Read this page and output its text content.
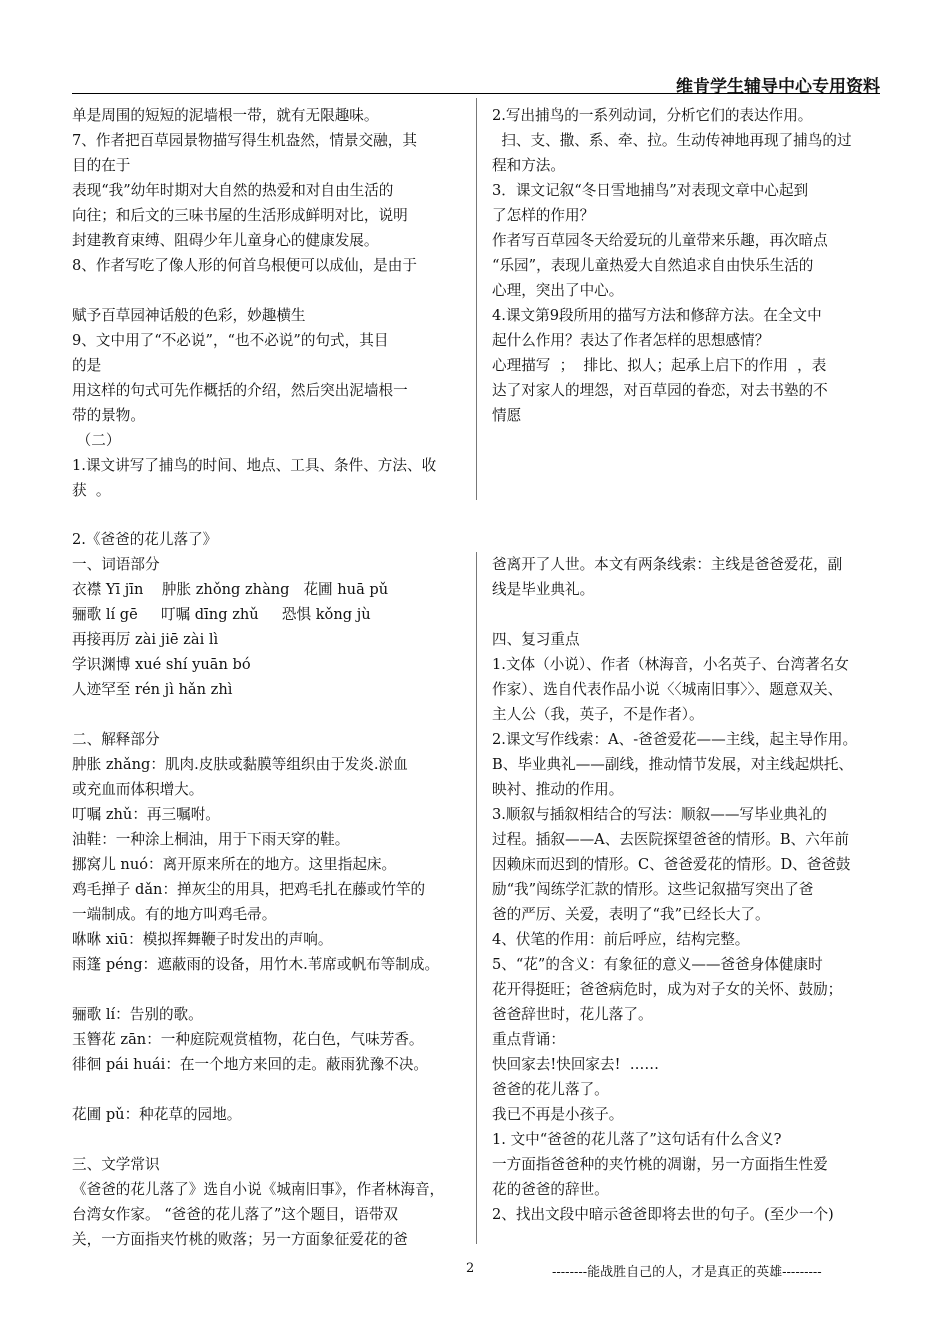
维肯学生辅导中心专用资料

单是周围的短短的泥墙根一带，就有无限趣味。

7、作者把百草园景物描写得生机盎然，情景交融，其

目的在于

表现“我”幼年时期对大自然的热爱和对自由生活的

向往；和后文的三味书屋的生活形成鲜明对比，说明

封建教育束缚、阻碍少年儿童身心的健康发展。

8、作者写吃了像人形的何首乌根便可以成仙，是由于

赋予百草园神话般的色彩，妙趣横生

9、文中用了“不必说”，“也不必说”的句式，其目

的是

用这样的句式可先作概括的介绍，然后突出泥墙根一

带的景物。

（二）

1.课文讲写了捕鸟的时间、地点、工具、条件、方法、收

获  。

2.写出捕鸟的一系列动词，分析它们的表达作用。

扫、支、撒、系、牵、拉。生动传神地再现了捕鸟的过

程和方法。

3．课文记叙“冬日雪地捕鸟”对表现文章中心起到

了怎样的作用？

作者写百草园冬天给爱玩的儿童带来乐趣，再次暗点

“乐园”，表现儿童热爱大自然追求自由快乐生活的

心理，突出了中心。

4.课文第9段所用的描写方法和修辞方法。在全文中

起什么作用？表达了作者怎样的思想感情？

心理描写  ；  排比、拟人；起承上启下的作用  ，表

达了对家人的埋怨，对百草园的眷恋，对去书塾的不

情愿

2.《爸爸的花儿落了》

一、词语部分

衣襟 Yī jīn    肿胀 zhǒng zhàng   花圃 huā pǔ

骊歌 lí gē     叮嘱 dīng zhǔ     恐惧 kǒng jù

再接再厉 zài jiē zài lì

学识渊博 xué shí yuān bó

人迹罕至 rén jì hǎn zhì

二、解释部分

肿胀 zhǎng：肌肉.皮肤或黏膜等组织由于发炎.淤血

或充血而体积增大。

叮嘱 zhǔ：再三嘱咐。

油鞋：一种涂上桐油，用于下雨天穿的鞋。

挪窝儿 nuó：离开原来所在的地方。这里指起床。

鸡毛掸子 dǎn：掸灰尘的用具，把鸡毛扎在藤或竹竿的

一端制成。有的地方叫鸡毛帚。

咻咻 xiū：模拟挥舞鞭子时发出的声响。

雨篷 péng：遮蔽雨的设备，用竹木.苇席或帆布等制成。

骊歌 lí：告别的歌。

玉簪花 zān：一种庭院观赏植物，花白色，气味芳香。

徘徊 pái huái：在一个地方来回的走。蔽雨犹豫不决。

花圃 pǔ：种花草的园地。

三、文学常识

《爸爸的花儿落了》选自小说《城南旧事》，作者林海音，

台湾女作家。 “爸爸的花儿落了”这个题目，语带双

关，一方面指夹竹桃的败落；另一方面象征爱花的爸

爸离开了人世。本文有两条线索：主线是爸爸爱花，副

线是毕业典礼。

四、复习重点

1.文体（小说）、作者（林海音，小名英子、台湾著名女

作家）、选自代表作品小说〈〈城南旧事〉〉、题意双关、

主人公（我，英子，不是作者）。

2.课文写作线索：A、-爸爸爱花——主线，起主导作用。

B、毕业典礼——副线，推动情节发展，对主线起烘托、

映衬、推动的作用。

3.顺叙与插叙相结合的写法：顺叙——写毕业典礼的

过程。插叙——A、去医院探望爸爸的情形。B、六年前

因赖床而迟到的情形。C、爸爸爱花的情形。D、爸爸鼓

励“我”闯练学汇款的情形。这些记叙描写突出了爸

爸的严厉、关爱，表明了“我”已经长大了。

4、伏笔的作用：前后呼应，结构完整。

5、“花”的含义：有象征的意义——爸爸身体健康时

花开得挺旺；爸爸病危时，成为对子女的关怀、鼓励；

爸爸辞世时，花儿落了。

重点背诵：

快回家去!快回家去!  ……

爸爸的花儿落了。

我已不再是小孩子。

1. 文中“爸爸的花儿落了”这句话有什么含义?

一方面指爸爸种的夹竹桃的凋谢，另一方面指生性爱

花的爸爸的辞世。

2、找出文段中暗示爸爸即将去世的句子。(至少一个)

2	--------能战胜自己的人，才是真正的英雄---------
